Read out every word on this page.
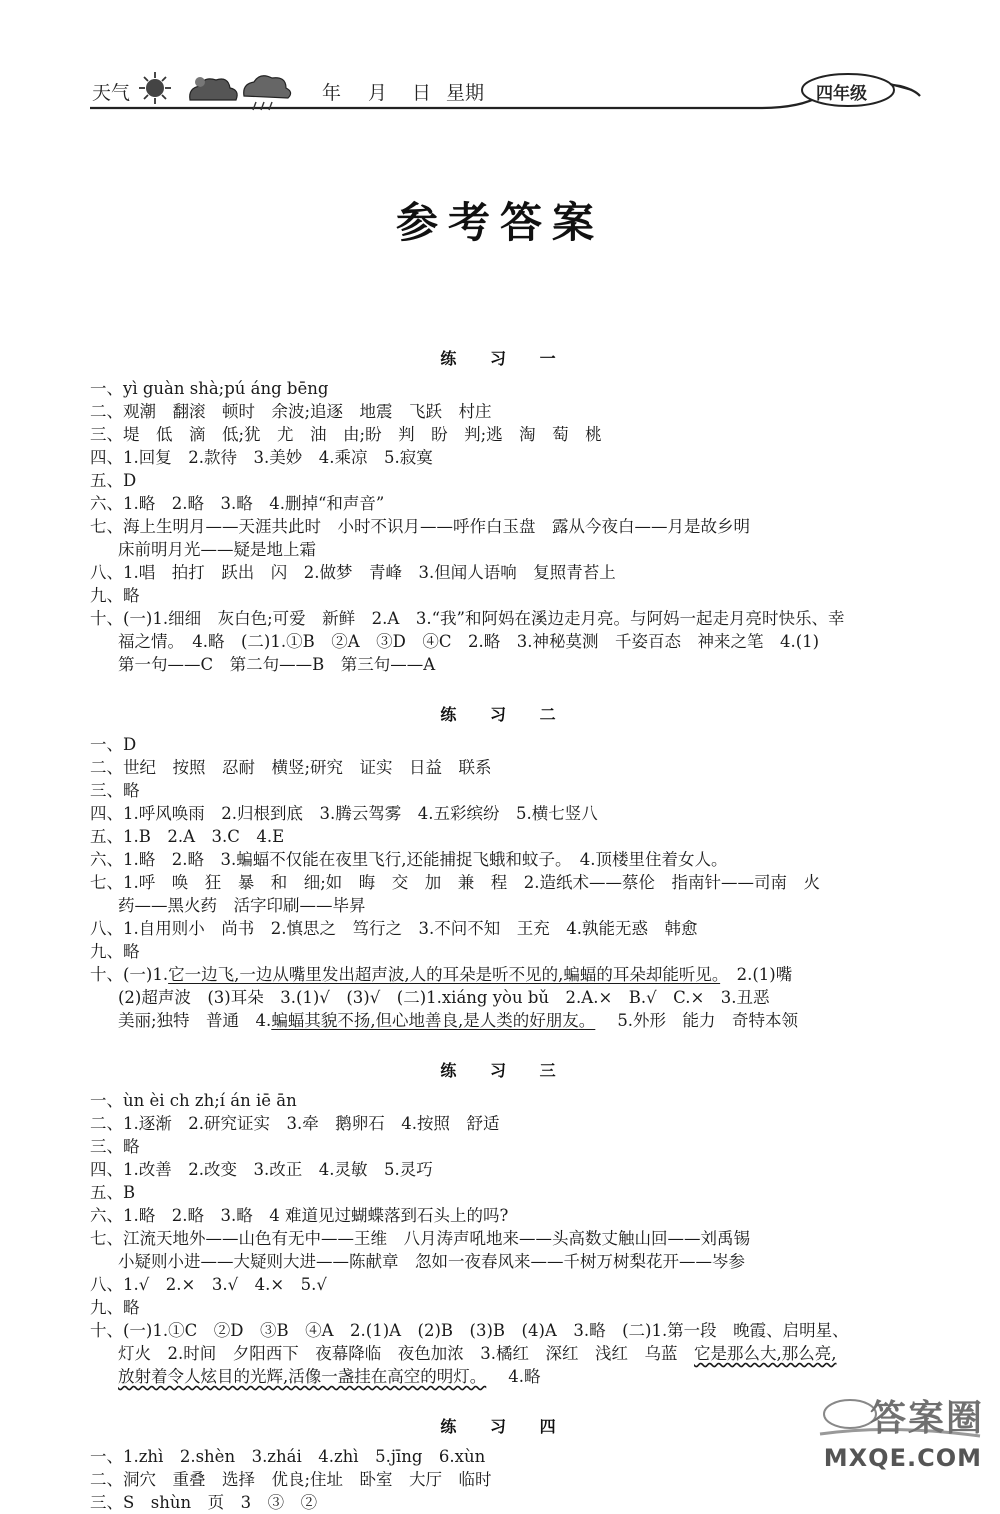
天气	年 月 日 星期	四年级
参考答案
练 习 一
一、yì guàn shà;pú áng bēng
二、观潮　翻滚　顿时　余波;追逐　地震　飞跃　村庄
三、堤　低　滴　低;犹　尤　油　由;盼　判　盼　判;逃　淘　萄　桃
四、1.回复　2.款待　3.美妙　4.乘凉　5.寂寞
五、D
六、1.略　2.略　3.略　4.删掉“和声音”
七、海上生明月——天涯共此时　小时不识月——呼作白玉盘　露从今夜白——月是故乡明
床前明月光——疑是地上霜
八、1.唱　拍打　跃出　闪　2.做梦　青峰　3.但闻人语响　复照青苔上
九、略
十、(一)1.细细　灰白色;可爱　新鲜　2.A　3.“我”和阿妈在溪边走月亮。与阿妈一起走月亮时快乐、幸
福之情。　4.略　(二)1.①B　②A　③D　④C　2.略　3.神秘莫测　千姿百态　神来之笔　4.(1)
第一句——C　第二句——B　第三句——A
练 习 二
一、D
二、世纪　按照　忍耐　横竖;研究　证实　日益　联系
三、略
四、1.呼风唤雨　2.归根到底　3.腾云驾雾　4.五彩缤纷　5.横七竖八
五、1.B　2.A　3.C　4.E
六、1.略　2.略　3.蝙蝠不仅能在夜里飞行,还能捕捉飞蛾和蚊子。　4.顶楼里住着女人。
七、1.呼　唤　狂　暴　和　细;如　晦　交　加　兼　程　2.造纸术——蔡伦　指南针——司南　火
药——黑火药　活字印刷——毕昇
八、1.自用则小　尚书　2.慎思之　笃行之　3.不问不知　王充　4.孰能无惑　韩愈
九、略
十、(一)1.它一边飞,一边从嘴里发出超声波,人的耳朵是听不见的,蝙蝠的耳朵却能听见。　2.(1)嘴
(2)超声波　(3)耳朵　3.(1)√　(3)√　(二)1.xiáng yòu bǔ　2.A.×　B.√　C.×　3.丑恶
美丽;独特　普通　4.蝙蝠其貌不扬,但心地善良,是人类的好朋友。 5.外形　能力　奇特本领
练 习 三
一、ùn èi ch zh;í án iē ān
二、1.逐渐　2.研究证实　3.牵　鹅卵石　4.按照　舒适
三、略
四、1.改善　2.改变　3.改正　4.灵敏　5.灵巧
五、B
六、1.略　2.略　3.略　4 难道见过蝴蝶落到石头上的吗?
七、江流天地外——山色有无中——王维　八月涛声吼地来——头高数丈触山回——刘禹锡
小疑则小进——大疑则大进——陈献章　忽如一夜春风来——千树万树梨花开——岑参
八、1.√　2.×　3.√　4.×　5.√
九、略
十、(一)1.①C　②D　③B　④A　2.(1)A　(2)B　(3)B　(4)A　3.略　(二)1.第一段　晚霞、启明星、
灯火　2.时间　夕阳西下　夜幕降临　夜色加浓　3.橘红　深红　浅红　乌蓝　它是那么大,那么亮,
放射着令人炫目的光辉,活像一盏挂在高空的明灯。 4.略
练 习 四
一、1.zhì　2.shèn　3.zhái　4.zhì　5.jīng　6.xùn
二、洞穴　重叠　选择　优良;住址　卧室　大厅　临时
三、S　shùn　页　3　③　②
答案圈
MXQE.COM
